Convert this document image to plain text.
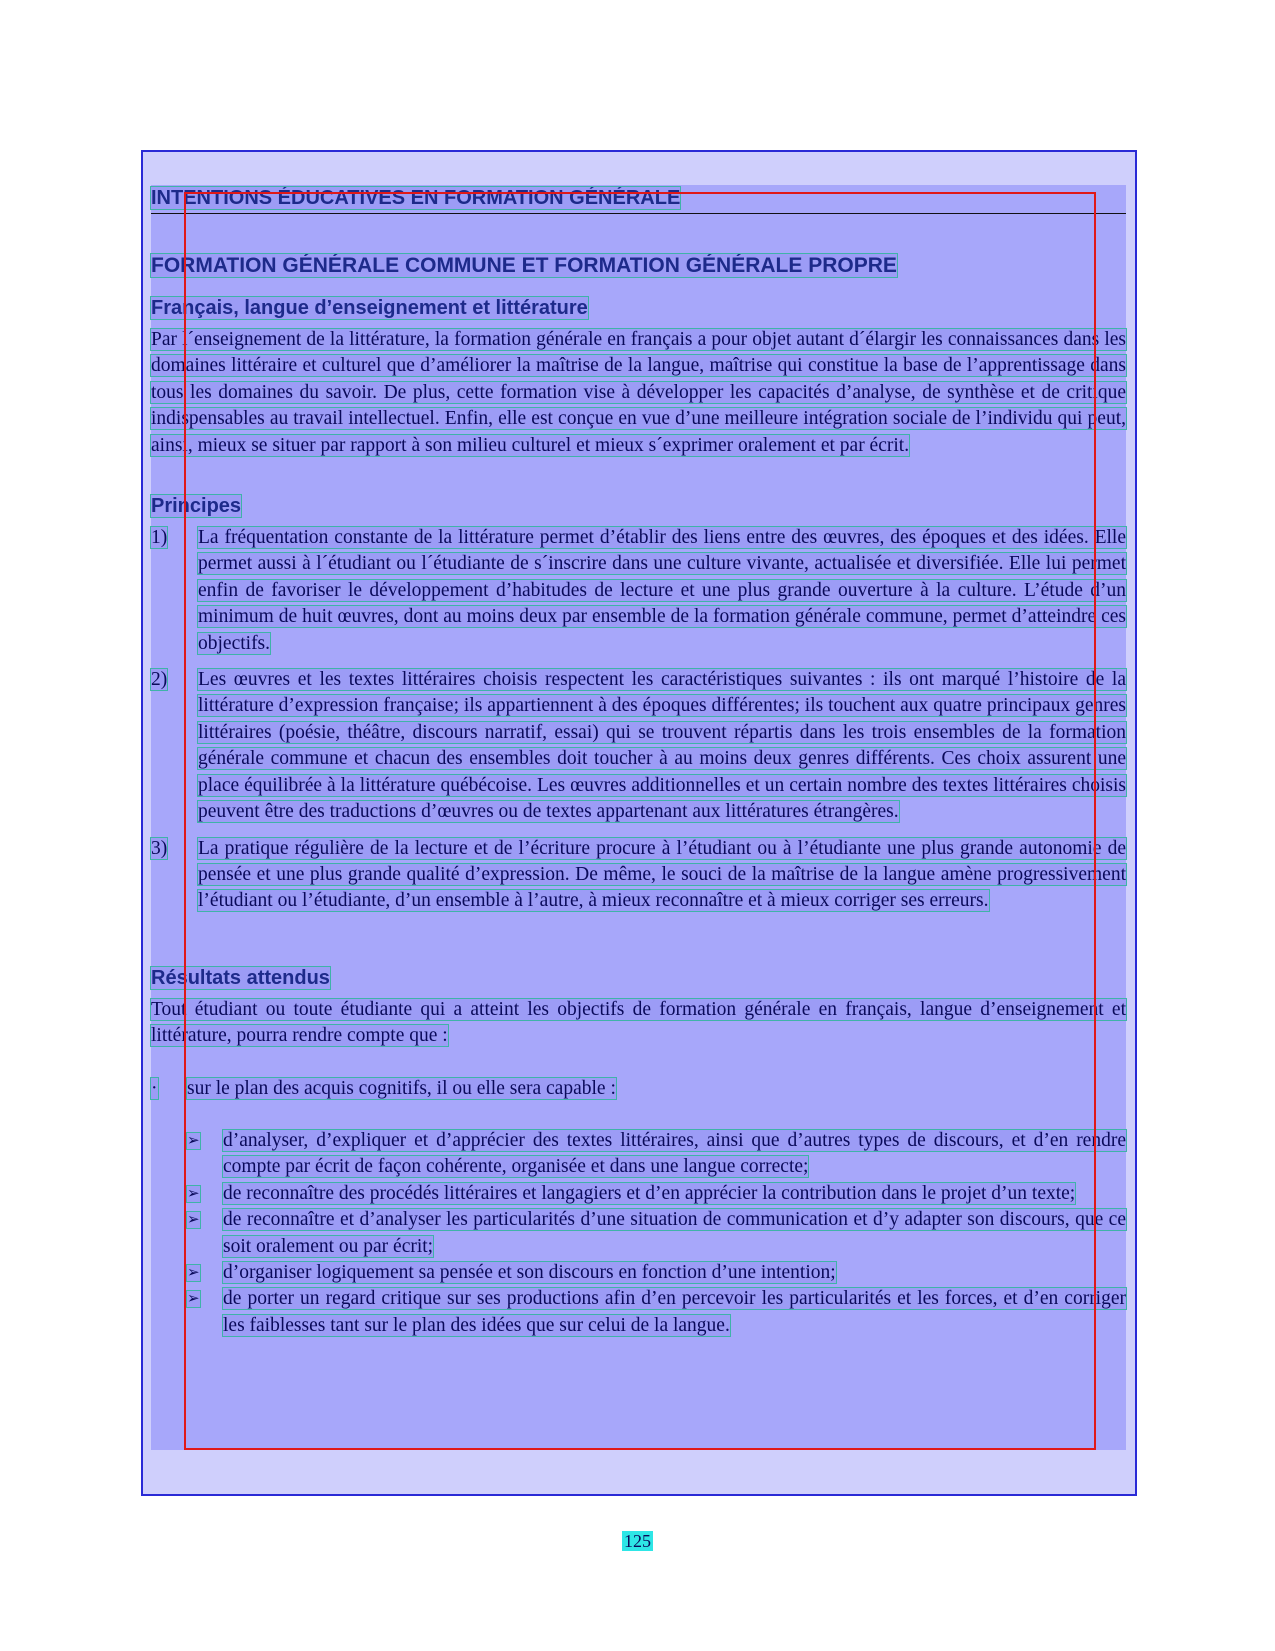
INTENTIONS ÉDUCATIVES EN FORMATION GÉNÉRALE
FORMATION GÉNÉRALE COMMUNE ET FORMATION GÉNÉRALE PROPRE
Français, langue d’enseignement et littérature

Par l´enseignement de la littérature, la formation générale en français a pour objet autant d´élargir les connaissances dans les domaines littéraire et culturel que d’améliorer la maîtrise de la langue, maîtrise qui constitue la base de l’apprentissage dans tous les domaines du savoir. De plus, cette formation vise à développer les capacités d’analyse, de synthèse et de critique indispensables au travail intellectuel. Enfin, elle est conçue en vue d’une meilleure intégration sociale de l’individu qui peut, ainsi, mieux se situer par rapport à son milieu culturel et mieux s´exprimer oralement et par écrit.

Principes
1)	La fréquentation constante de la littérature permet d’établir des liens entre des œuvres, des époques et des idées. Elle permet aussi à l´étudiant ou l´étudiante de s´inscrire dans une culture vivante, actualisée et diversifiée. Elle lui permet enfin de favoriser le développement d’habitudes de lecture et une plus grande ouverture à la culture. L’étude d’un minimum de huit œuvres, dont au moins deux par ensemble de la formation générale commune, permet d’atteindre ces objectifs.
2)	Les œuvres et les textes littéraires choisis respectent les caractéristiques suivantes : ils ont marqué l’histoire de la littérature d’expression française; ils appartiennent à des époques différentes; ils touchent aux quatre principaux genres littéraires (poésie, théâtre, discours narratif, essai) qui se trouvent répartis dans les trois ensembles de la formation générale commune et chacun des ensembles doit toucher à au moins deux genres différents. Ces choix assurent une place équilibrée à la littérature québécoise. Les œuvres additionnelles et un certain nombre des textes littéraires choisis peuvent être des traductions d’œuvres ou de textes appartenant aux littératures étrangères.
3)	La pratique régulière de la lecture et de l’écriture procure à l’étudiant ou à l’étudiante une plus grande autonomie de pensée et une plus grande qualité d’expression. De même, le souci de la maîtrise de la langue amène progressivement l’étudiant ou l’étudiante, d’un ensemble à l’autre, à mieux reconnaître et à mieux corriger ses erreurs.
Résultats attendus

Tout étudiant ou toute étudiante qui a atteint les objectifs de formation générale en français, langue d’enseignement et littérature, pourra rendre compte que :

·	sur le plan des acquis cognitifs, il ou elle sera capable :
➢	d’analyser, d’expliquer et d’apprécier des textes littéraires, ainsi que d’autres types de discours, et d’en rendre compte par écrit de façon cohérente, organisée et dans une langue correcte;
➢	de reconnaître des procédés littéraires et langagiers et d’en apprécier la contribution dans le projet d’un texte;
➢	de reconnaître et d’analyser les particularités d’une situation de communication et d’y adapter son discours, que ce soit oralement ou par écrit;
➢	d’organiser logiquement sa pensée et son discours en fonction d’une intention;
➢	de porter un regard critique sur ses productions afin d’en percevoir les particularités et les forces, et d’en corriger les faiblesses tant sur le plan des idées que sur celui de la langue.
125
